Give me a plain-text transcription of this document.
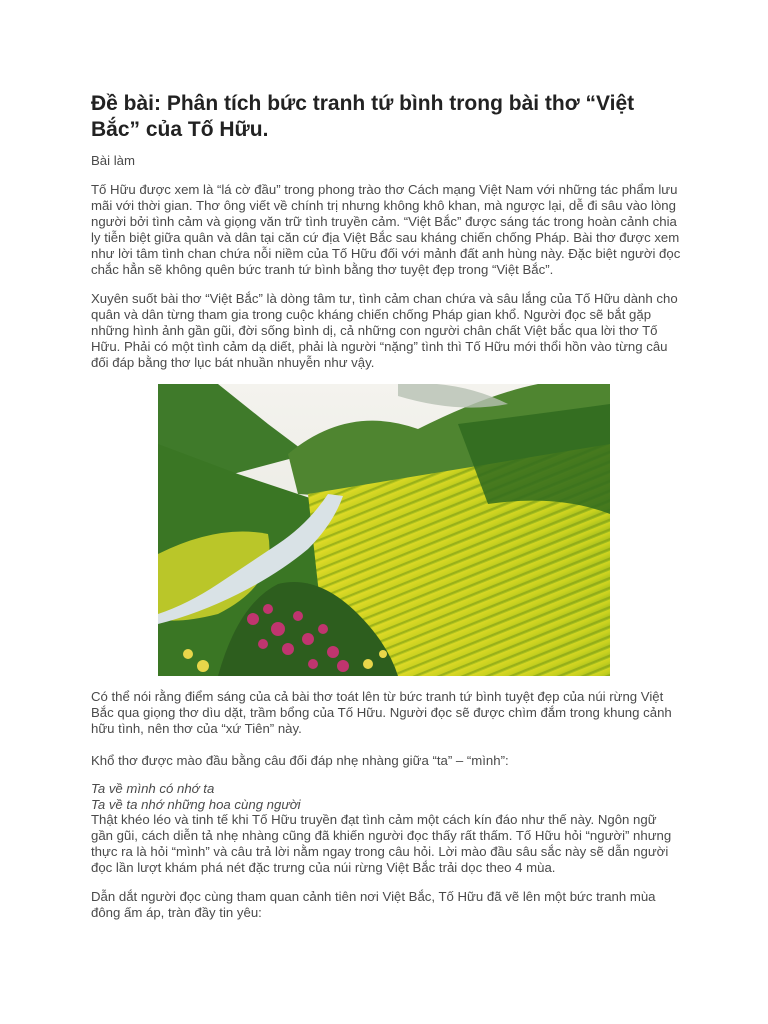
Đề bài: Phân tích bức tranh tứ bình trong bài thơ “Việt Bắc” của Tố Hữu.

Bài làm

Tố Hữu được xem là “lá cờ đầu” trong phong trào thơ Cách mạng Việt Nam với những tác phẩm lưu mãi với thời gian. Thơ ông viết về chính trị nhưng không khô khan, mà ngược lại, dễ đi sâu vào lòng người bởi tình cảm và giọng văn trữ tình truyền cảm. “Việt Bắc” được sáng tác trong hoàn cảnh chia ly tiễn biệt giữa quân và dân tại căn cứ địa Việt Bắc sau kháng chiến chống Pháp. Bài thơ được xem như lời tâm tình chan chứa nỗi niềm của Tố Hữu đối với mảnh đất anh hùng này. Đặc biệt người đọc chắc hẳn sẽ không quên bức tranh tứ bình bằng thơ tuyệt đẹp trong “Việt Bắc”.

Xuyên suốt bài thơ “Việt Bắc” là dòng tâm tư, tình cảm chan chứa và sâu lắng của Tố Hữu dành cho quân và dân từng tham gia trong cuộc kháng chiến chống Pháp gian khổ. Người đọc sẽ bắt gặp những hình ảnh gần gũi, đời sống bình dị, cả những con người chân chất Việt bắc qua lời thơ Tố Hữu. Phải có một tình cảm dạ diết, phải là người “nặng” tình thì Tố Hữu mới thổi hồn vào từng câu đối đáp bằng thơ lục bát nhuần nhuyễn như vậy.

Có thể nói rằng điểm sáng của cả bài thơ toát lên từ bức tranh tứ bình tuyệt đẹp của núi rừng Việt Bắc qua giọng thơ dìu dặt, trầm bổng của Tố Hữu. Người đọc sẽ được chìm đắm trong khung cảnh hữu tình, nên thơ của “xứ Tiên” này.

Khổ thơ được mào đầu bằng câu đối đáp nhẹ nhàng giữa “ta” – “mình”:

Ta về mình có nhớ ta

Ta về ta nhớ những hoa cùng người

Thật khéo léo và tinh tế khi Tố Hữu truyền đạt tình cảm một cách kín đáo như thế này. Ngôn ngữ gần gũi, cách diễn tả nhẹ nhàng cũng đã khiến người đọc thấy rất thấm. Tố Hữu hỏi “người” nhưng thực ra là hỏi “mình” và câu trả lời nằm ngay trong câu hỏi. Lời mào đầu sâu sắc này sẽ dẫn người đọc lần lượt khám phá nét đặc trưng của núi rừng Việt Bắc trải dọc theo 4 mùa.

Dẫn dắt người đọc cùng tham quan cảnh tiên nơi Việt Bắc, Tố Hữu đã vẽ lên một bức tranh mùa đông ấm áp, tràn đầy tin yêu:
